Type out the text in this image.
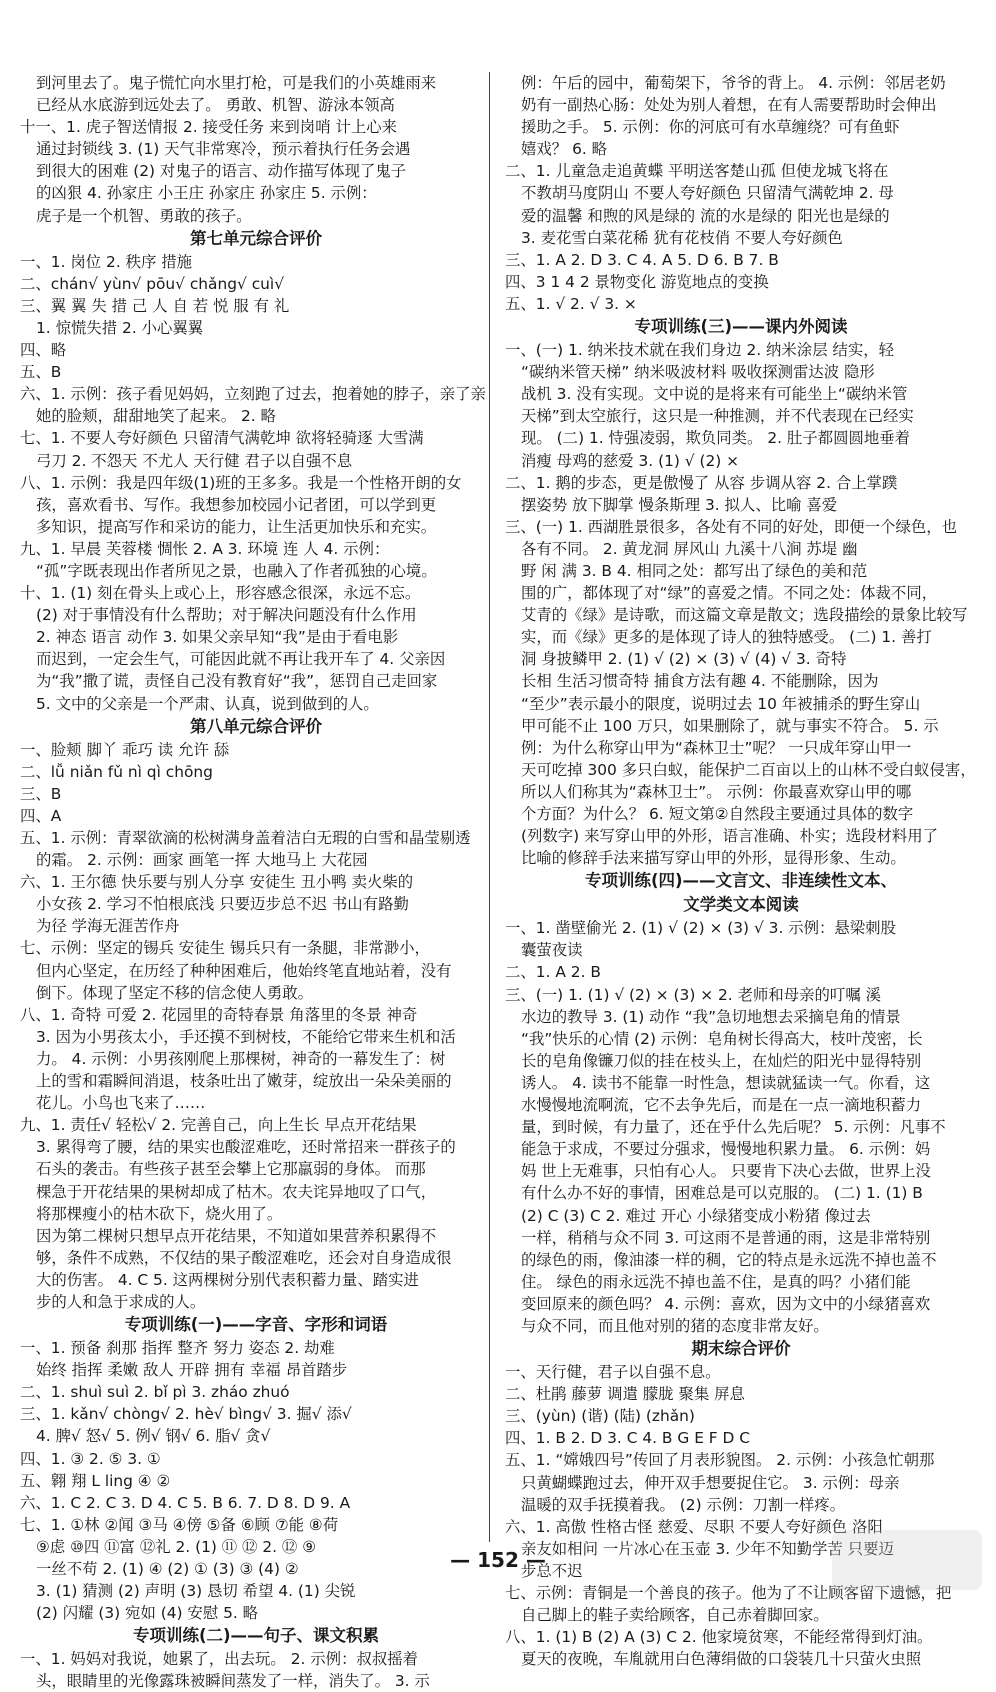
到河里去了。鬼子慌忙向水里打枪，可是我们的小英雄雨来
已经从水底游到远处去了。 勇敢、机智、游泳本领高
十一、1. 虎子智送情报 2. 接受任务 来到岗哨 计上心来
通过封锁线 3. (1) 天气非常寒冷，预示着执行任务会遇
到很大的困难 (2) 对鬼子的语言、动作描写体现了鬼子
的凶狠 4. 孙家庄 小王庄 孙家庄 孙家庄 5. 示例：
虎子是一个机智、勇敢的孩子。
第七单元综合评价
一、1. 岗位 2. 秩序 措施
二、chán√ yùn√ pōu√ chǎng√ cuì√
三、翼 翼 失 措 己 人 自 若 悦 服 有 礼
1. 惊慌失措 2. 小心翼翼
四、略
五、B
六、1. 示例：孩子看见妈妈，立刻跑了过去，抱着她的脖子，亲了亲
她的脸颊，甜甜地笑了起来。 2. 略
七、1. 不要人夸好颜色 只留清气满乾坤 欲将轻骑逐 大雪满
弓刀 2. 不怨天 不尤人 天行健 君子以自强不息
八、1. 示例：我是四年级(1)班的王多多。我是一个性格开朗的女
孩，喜欢看书、写作。我想参加校园小记者团，可以学到更
多知识，提高写作和采访的能力，让生活更加快乐和充实。
九、1. 早晨 芙蓉楼 惆怅 2. A 3. 环境 连 人 4. 示例：
“孤”字既表现出作者所见之景，也融入了作者孤独的心境。
十、1. (1) 刻在骨头上或心上，形容感念很深，永远不忘。
(2) 对于事情没有什么帮助；对于解决问题没有什么作用
2. 神态 语言 动作 3. 如果父亲早知“我”是由于看电影
而迟到，一定会生气，可能因此就不再让我开车了 4. 父亲因
为“我”撒了谎，责怪自己没有教育好“我”，惩罚自己走回家
5. 文中的父亲是一个严肃、认真，说到做到的人。
第八单元综合评价
一、脸颊 脚丫 乖巧 读 允许 舔
二、lǚ niǎn fǔ nì qì chōng
三、B
四、A
五、1. 示例：青翠欲滴的松树满身盖着洁白无瑕的白雪和晶莹剔透
的霜。 2. 示例：画家 画笔一挥 大地马上 大花园
六、1. 王尔德 快乐要与别人分享 安徒生 丑小鸭 卖火柴的
小女孩 2. 学习不怕根底浅 只要迈步总不迟 书山有路勤
为径 学海无涯苦作舟
七、示例：坚定的锡兵 安徒生 锡兵只有一条腿，非常渺小，
但内心坚定，在历经了种种困难后，他始终笔直地站着，没有
倒下。体现了坚定不移的信念使人勇敢。
八、1. 奇特 可爱 2. 花园里的奇特春景 角落里的冬景 神奇
3. 因为小男孩太小，手还摸不到树枝，不能给它带来生机和活
力。 4. 示例：小男孩刚爬上那棵树，神奇的一幕发生了：树
上的雪和霜瞬间消退，枝条吐出了嫩芽，绽放出一朵朵美丽的
花儿。小鸟也飞来了……
九、1. 责任√ 轻松√ 2. 完善自己，向上生长 早点开花结果
3. 累得弯了腰，结的果实也酸涩难吃，还时常招来一群孩子的
石头的袭击。有些孩子甚至会攀上它那羸弱的身体。 而那
棵急于开花结果的果树却成了枯木。农夫诧异地叹了口气，
将那棵瘦小的枯木砍下，烧火用了。
因为第二棵树只想早点开花结果，不知道如果营养积累得不
够，条件不成熟，不仅结的果子酸涩难吃，还会对自身造成很
大的伤害。 4. C 5. 这两棵树分别代表积蓄力量、踏实进
步的人和急于求成的人。
专项训练(一)——字音、字形和词语
一、1. 预备 刹那 指挥 整齐 努力 姿态 2. 劫难
始终 指挥 柔嫩 敌人 开辟 拥有 幸福 昂首踏步
二、1. shuì suì 2. bǐ pì 3. zháo zhuó
三、1. kǎn√ chòng√ 2. hè√ bìng√ 3. 掘√ 添√
4. 脾√ 怒√ 5. 例√ 钢√ 6. 脂√ 贪√
四、1. ③ 2. ⑤ 3. ①
五、翱 翔 L ling ④ ②
六、1. C 2. C 3. D 4. C 5. B 6. 7. D 8. D 9. A
七、1. ①林 ②闻 ③马 ④傍 ⑤备 ⑥顾 ⑦能 ⑧荷
⑨虑 ⑩四 ⑪富 ⑫礼 2. (1) ⑪ ⑫ 2. ⑫ ⑨
一丝不苟 2. (1) ④ (2) ① (3) ③ (4) ②
3. (1) 猜测 (2) 声明 (3) 恳切 希望 4. (1) 尖锐
(2) 闪耀 (3) 宛如 (4) 安慰 5. 略
专项训练(二)——句子、课文积累
一、1. 妈妈对我说，她累了，出去玩。 2. 示例：叔叔摇着
头，眼睛里的光像露珠被瞬间蒸发了一样，消失了。 3. 示
例：午后的园中，葡萄架下，爷爷的背上。 4. 示例：邻居老奶
奶有一副热心肠：处处为别人着想，在有人需要帮助时会伸出
援助之手。 5. 示例：你的河底可有水草缠绕？可有鱼虾
嬉戏？ 6. 略
二、1. 儿童急走追黄蝶 平明送客楚山孤 但使龙城飞将在
不教胡马度阴山 不要人夸好颜色 只留清气满乾坤 2. 母
爱的温馨 和煦的风是绿的 流的水是绿的 阳光也是绿的
3. 麦花雪白菜花稀 犹有花枝俏 不要人夸好颜色
三、1. A 2. D 3. C 4. A 5. D 6. B 7. B
四、3 1 4 2 景物变化 游览地点的变换
五、1. √ 2. √ 3. ×
专项训练(三)——课内外阅读
一、(一) 1. 纳米技术就在我们身边 2. 纳米涂层 结实，轻
“碳纳米管天梯” 纳米吸波材料 吸收探测雷达波 隐形
战机 3. 没有实现。文中说的是将来有可能坐上“碳纳米管
天梯”到太空旅行，这只是一种推测，并不代表现在已经实
现。 (二) 1. 恃强凌弱，欺负同类。 2. 肚子都圆圆地垂着
消瘦 母鸡的慈爱 3. (1) √ (2) ×
二、1. 鹅的步态，更是傲慢了 从容 步调从容 2. 合上掌蹼
摆姿势 放下脚掌 慢条斯理 3. 拟人、比喻 喜爱
三、(一) 1. 西湖胜景很多，各处有不同的好处，即便一个绿色，也
各有不同。 2. 黄龙洞 屏风山 九溪十八涧 苏堤 幽
野 闲 满 3. B 4. 相同之处：都写出了绿色的美和范
围的广，都体现了对“绿”的喜爱之情。不同之处：体裁不同，
艾青的《绿》是诗歌，而这篇文章是散文；选段描绘的景象比较写
实，而《绿》更多的是体现了诗人的独特感受。 (二) 1. 善打
洞 身披鳞甲 2. (1) √ (2) × (3) √ (4) √ 3. 奇特
长相 生活习惯奇特 捕食方法有趣 4. 不能删除，因为
“至少”表示最小的限度，说明过去 10 年被捕杀的野生穿山
甲可能不止 100 万只，如果删除了，就与事实不符合。 5. 示
例：为什么称穿山甲为“森林卫士”呢？ 一只成年穿山甲一
天可吃掉 300 多只白蚁，能保护二百亩以上的山林不受白蚁侵害，
所以人们称其为“森林卫士”。 示例：你最喜欢穿山甲的哪
个方面？为什么？ 6. 短文第②自然段主要通过具体的数字
(列数字) 来写穿山甲的外形，语言准确、朴实；选段材料用了
比喻的修辞手法来描写穿山甲的外形，显得形象、生动。
专项训练(四)——文言文、非连续性文本、
文学类文本阅读
一、1. 凿壁偷光 2. (1) √ (2) × (3) √ 3. 示例：悬梁刺股
囊萤夜读
二、1. A 2. B
三、(一) 1. (1) √ (2) × (3) × 2. 老师和母亲的叮嘱 溪
水边的教导 3. (1) 动作 “我”急切地想去采摘皂角的情景
“我”快乐的心情 (2) 示例：皂角树长得高大，枝叶茂密，长
长的皂角像镰刀似的挂在枝头上，在灿烂的阳光中显得特别
诱人。 4. 读书不能靠一时性急，想读就猛读一气。你看，这
水慢慢地流啊流，它不去争先后，而是在一点一滴地积蓄力
量，到时候，有力量了，还在乎什么先后呢？ 5. 示例：凡事不
能急于求成，不要过分强求，慢慢地积累力量。 6. 示例：妈
妈 世上无难事，只怕有心人。 只要肯下决心去做，世界上没
有什么办不好的事情，困难总是可以克服的。 (二) 1. (1) B
(2) C (3) C 2. 难过 开心 小绿猪变成小粉猪 像过去
一样，稍稍与众不同 3. 可这雨不是普通的雨，这是非常特别
的绿色的雨，像油漆一样的稠，它的特点是永远洗不掉也盖不
住。 绿色的雨永远洗不掉也盖不住，是真的吗？小猪们能
变回原来的颜色吗？ 4. 示例：喜欢，因为文中的小绿猪喜欢
与众不同，而且他对别的猪的态度非常友好。
期末综合评价
一、天行健，君子以自强不息。
二、杜鹃 藤萝 调遣 朦胧 聚集 屏息
三、(yùn) (谐) (陆) (zhǎn)
四、1. B 2. D 3. C 4. B G E F D C
五、1. “嫦娥四号”传回了月表形貌图。 2. 示例：小孩急忙朝那
只黄蝴蝶跑过去，伸开双手想要捉住它。 3. 示例：母亲
温暖的双手抚摸着我。 (2) 示例：刀割一样疼。
六、1. 高傲 性格古怪 慈爱、尽职 不要人夸好颜色 洛阳
亲友如相问 一片冰心在玉壶 3. 少年不知勤学苦 只要迈
步总不迟
七、示例：青铜是一个善良的孩子。他为了不让顾客留下遗憾，把
自己脚上的鞋子卖给顾客，自己赤着脚回家。
八、1. (1) B (2) A (3) C 2. 他家境贫寒，不能经常得到灯油。
夏天的夜晚，车胤就用白色薄绢做的口袋装几十只萤火虫照
— 152 —
